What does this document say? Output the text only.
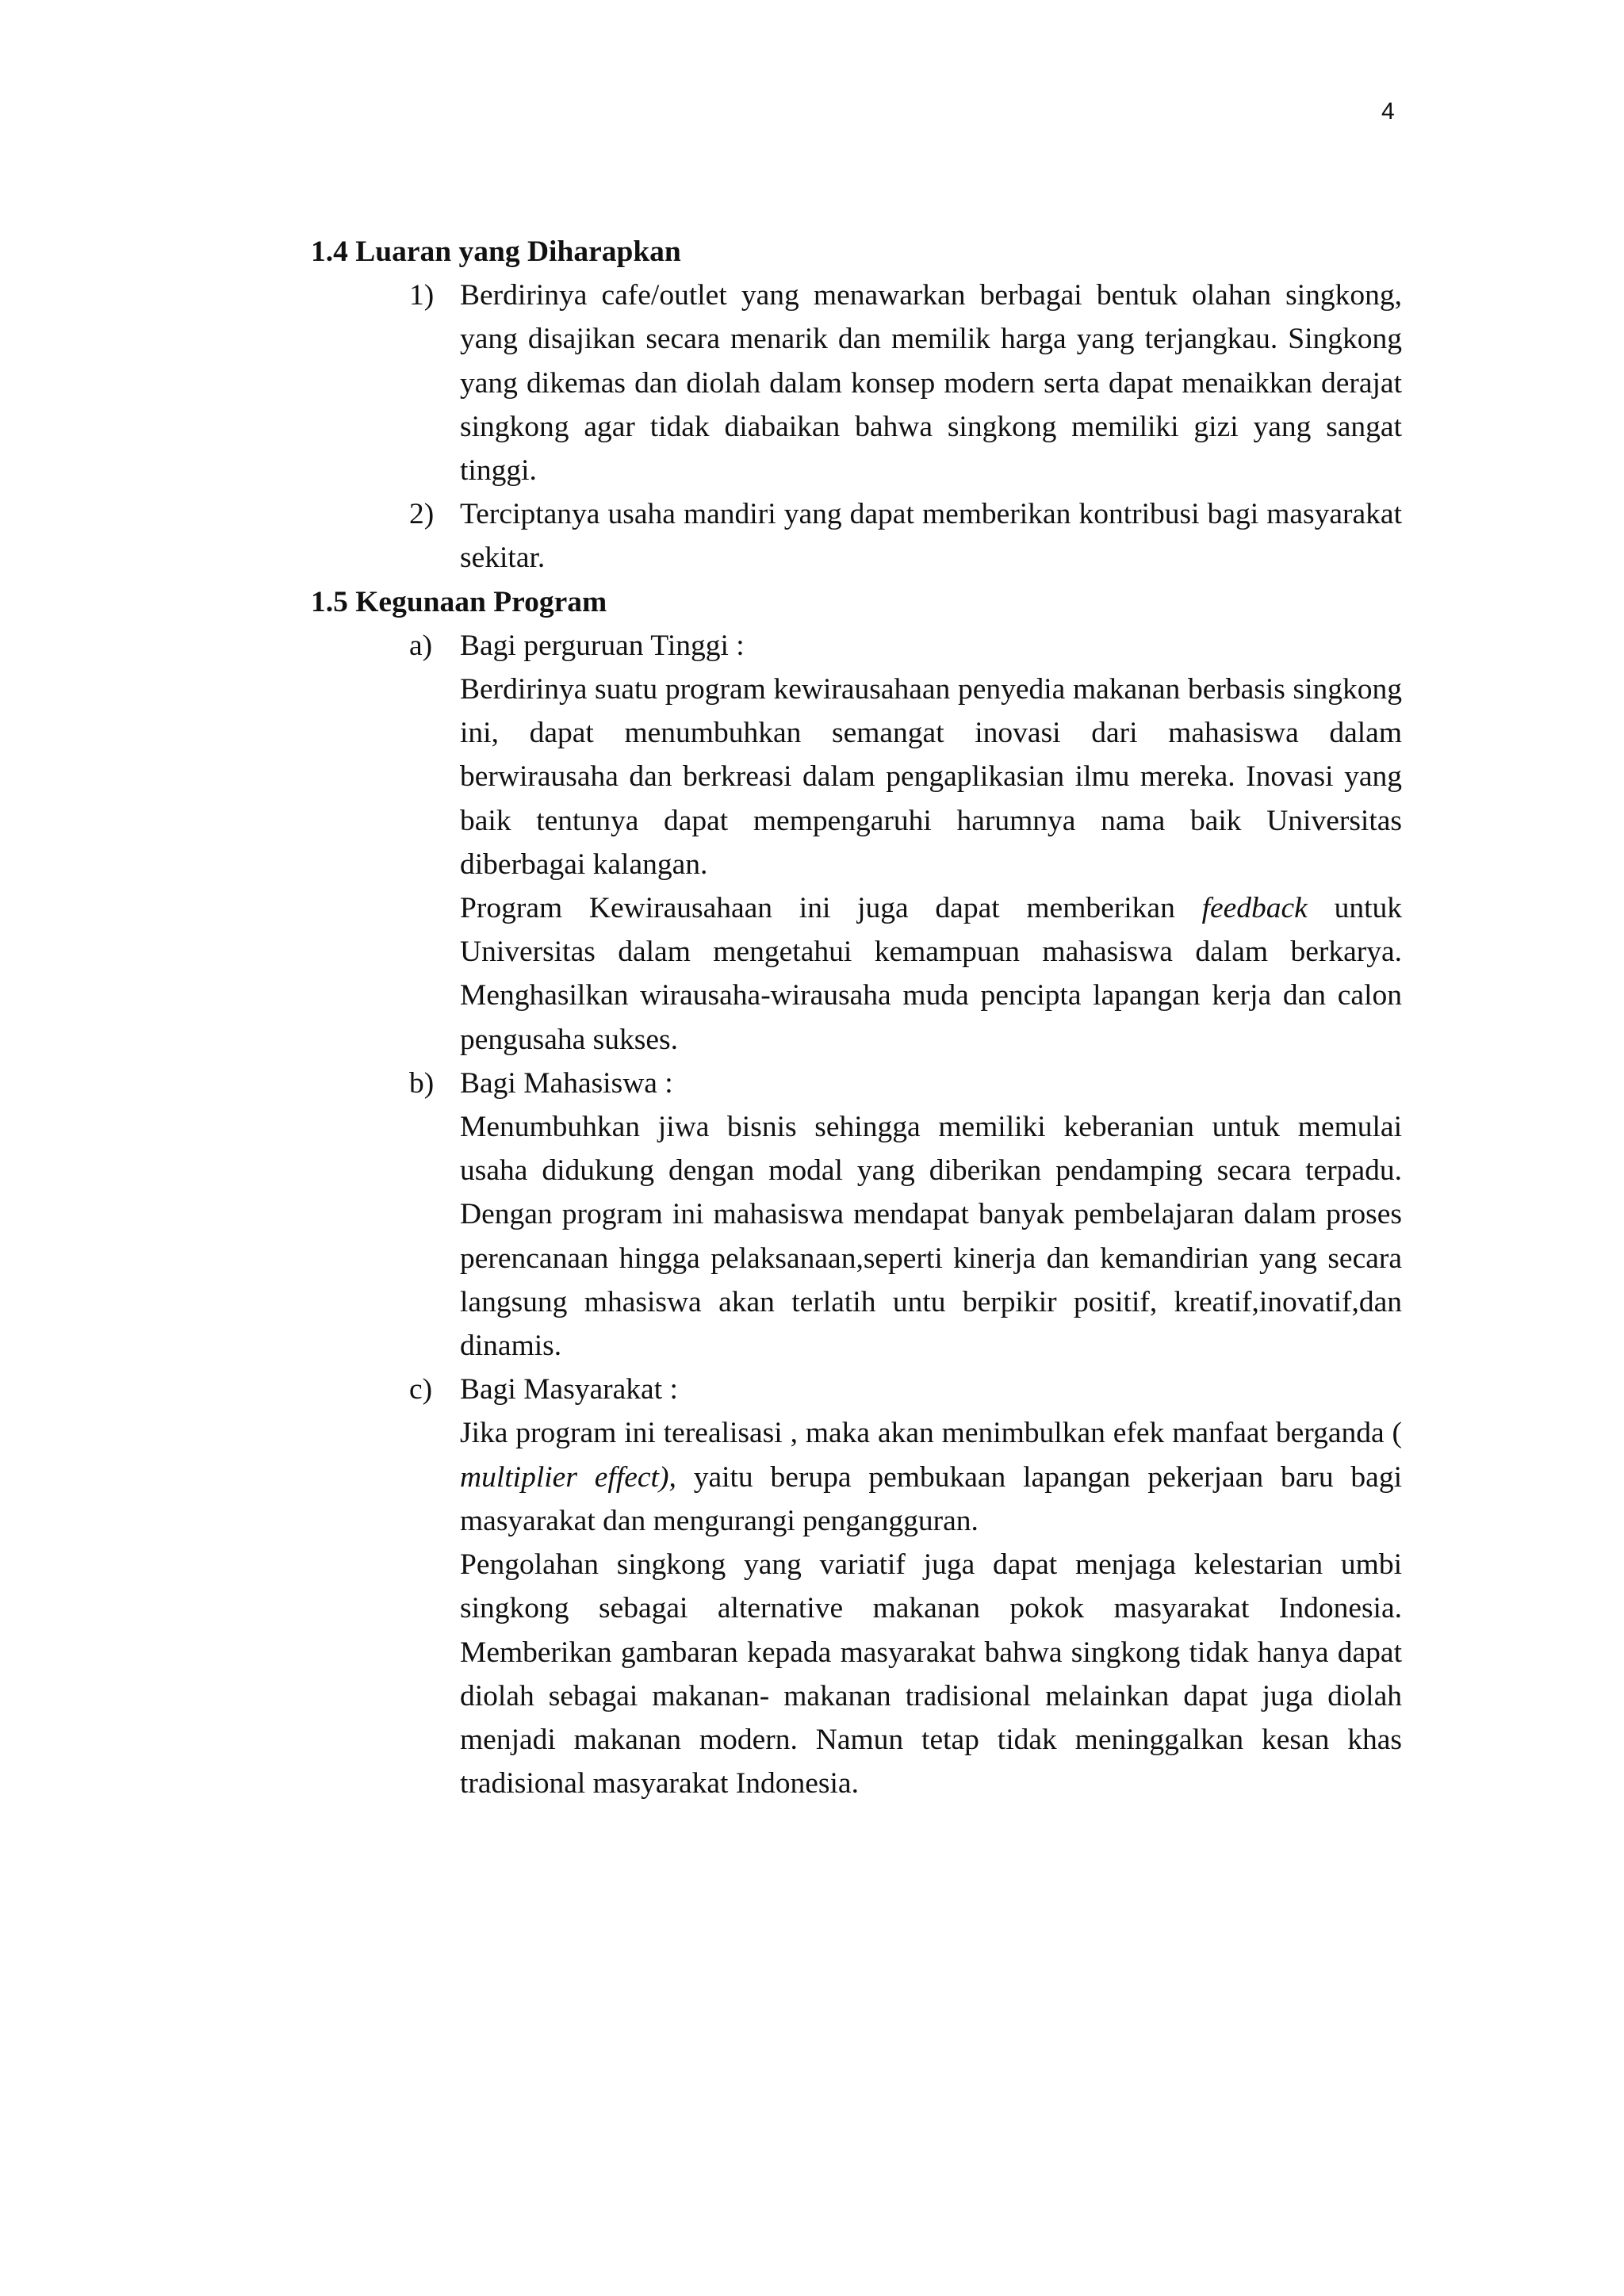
4

1.4 Luaran yang Diharapkan

1) Berdirinya cafe/outlet yang menawarkan berbagai bentuk olahan singkong, yang disajikan secara menarik dan memilik harga yang terjangkau. Singkong yang dikemas dan diolah dalam konsep modern serta dapat menaikkan derajat singkong agar tidak diabaikan bahwa singkong memiliki gizi yang sangat tinggi.

2) Terciptanya usaha mandiri yang dapat memberikan kontribusi bagi masyarakat sekitar.

1.5 Kegunaan Program

a) Bagi perguruan Tinggi :

Berdirinya suatu program kewirausahaan penyedia makanan berbasis singkong ini, dapat menumbuhkan semangat inovasi dari mahasiswa dalam berwirausaha dan berkreasi dalam pengaplikasian ilmu mereka. Inovasi yang baik tentunya dapat mempengaruhi harumnya nama baik Universitas diberbagai kalangan.

Program Kewirausahaan ini juga dapat memberikan feedback untuk Universitas dalam mengetahui kemampuan mahasiswa dalam berkarya. Menghasilkan wirausaha-wirausaha muda pencipta lapangan kerja dan calon pengusaha sukses.

b) Bagi Mahasiswa :

Menumbuhkan jiwa bisnis sehingga memiliki keberanian untuk memulai usaha didukung dengan modal yang diberikan pendamping secara terpadu. Dengan program ini mahasiswa mendapat banyak pembelajaran dalam proses perencanaan hingga pelaksanaan,seperti kinerja dan kemandirian yang secara langsung mhasiswa akan terlatih untu berpikir positif, kreatif,inovatif,dan dinamis.

c) Bagi Masyarakat :

Jika program ini terealisasi , maka akan menimbulkan efek manfaat berganda ( multiplier effect), yaitu berupa pembukaan lapangan pekerjaan baru bagi masyarakat dan mengurangi pengangguran.

Pengolahan singkong yang variatif juga dapat menjaga kelestarian umbi singkong sebagai alternative makanan pokok masyarakat Indonesia. Memberikan gambaran kepada masyarakat bahwa singkong tidak hanya dapat diolah sebagai makanan- makanan tradisional melainkan dapat juga diolah menjadi makanan modern. Namun tetap tidak meninggalkan kesan khas tradisional masyarakat Indonesia.
